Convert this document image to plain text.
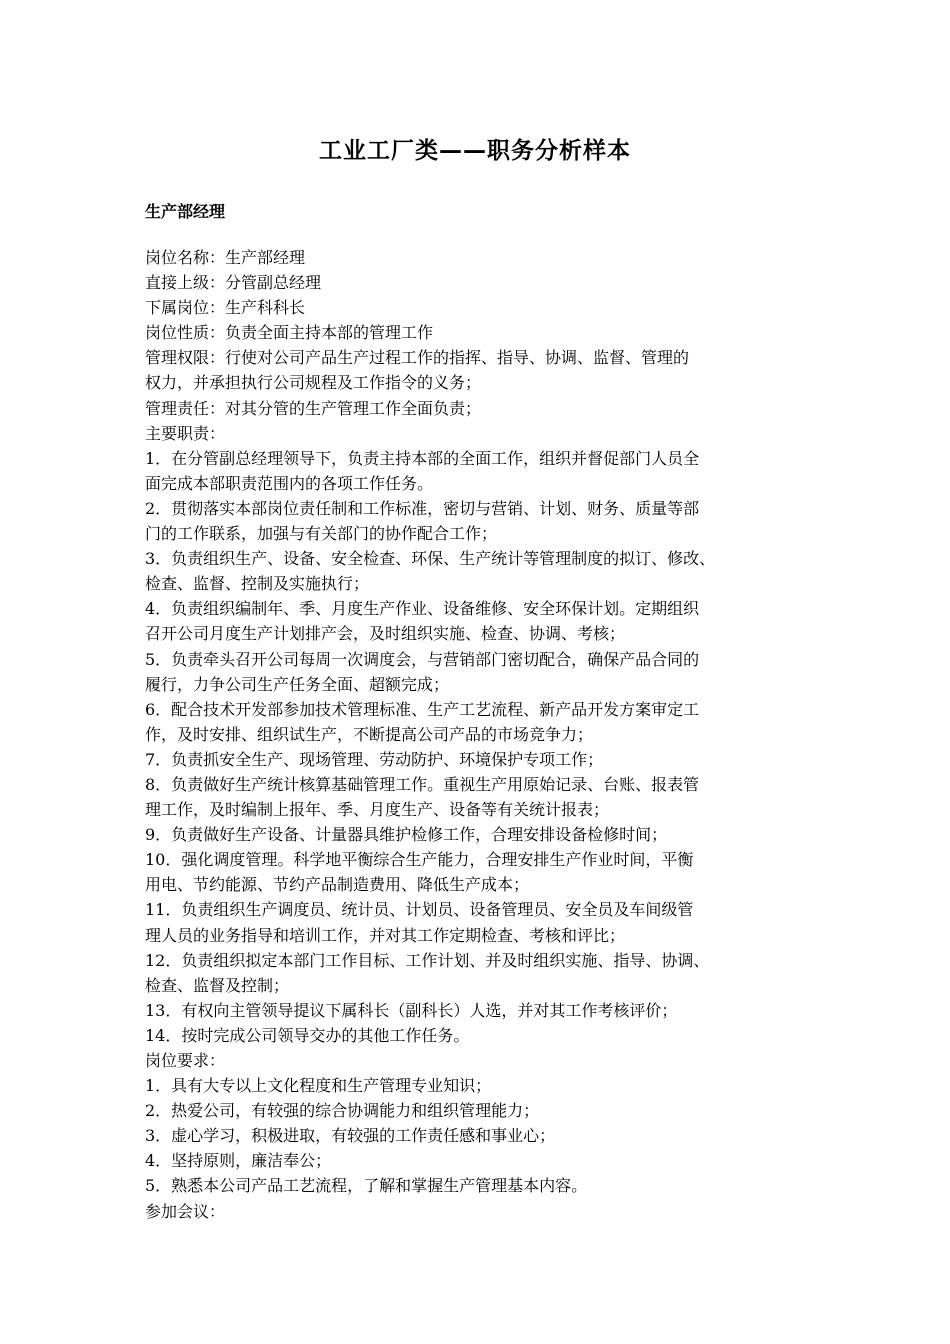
工业工厂类——职务分析样本
生产部经理
岗位名称：生产部经理
直接上级：分管副总经理
下属岗位：生产科科长
岗位性质：负责全面主持本部的管理工作
管理权限：行使对公司产品生产过程工作的指挥、指导、协调、监督、管理的
权力，并承担执行公司规程及工作指令的义务；
管理责任：对其分管的生产管理工作全面负责；
主要职责：
1．在分管副总经理领导下，负责主持本部的全面工作，组织并督促部门人员全
面完成本部职责范围内的各项工作任务。
2．贯彻落实本部岗位责任制和工作标准，密切与营销、计划、财务、质量等部
门的工作联系，加强与有关部门的协作配合工作；
3．负责组织生产、设备、安全检查、环保、生产统计等管理制度的拟订、修改、
检查、监督、控制及实施执行；
4．负责组织编制年、季、月度生产作业、设备维修、安全环保计划。定期组织
召开公司月度生产计划排产会，及时组织实施、检查、协调、考核；
5．负责牵头召开公司每周一次调度会，与营销部门密切配合，确保产品合同的
履行，力争公司生产任务全面、超额完成；
6．配合技术开发部参加技术管理标准、生产工艺流程、新产品开发方案审定工
作，及时安排、组织试生产，不断提高公司产品的市场竞争力；
7．负责抓安全生产、现场管理、劳动防护、环境保护专项工作；
8．负责做好生产统计核算基础管理工作。重视生产用原始记录、台账、报表管
理工作，及时编制上报年、季、月度生产、设备等有关统计报表；
9．负责做好生产设备、计量器具维护检修工作，合理安排设备检修时间；
10．强化调度管理。科学地平衡综合生产能力，合理安排生产作业时间，平衡
用电、节约能源、节约产品制造费用、降低生产成本；
11．负责组织生产调度员、统计员、计划员、设备管理员、安全员及车间级管
理人员的业务指导和培训工作，并对其工作定期检查、考核和评比；
12．负责组织拟定本部门工作目标、工作计划、并及时组织实施、指导、协调、
检查、监督及控制；
13．有权向主管领导提议下属科长（副科长）人选，并对其工作考核评价；
14．按时完成公司领导交办的其他工作任务。
岗位要求：
1．具有大专以上文化程度和生产管理专业知识；
2．热爱公司，有较强的综合协调能力和组织管理能力；
3．虚心学习，积极进取，有较强的工作责任感和事业心；
4．坚持原则，廉洁奉公；
5．熟悉本公司产品工艺流程，了解和掌握生产管理基本内容。
参加会议：
